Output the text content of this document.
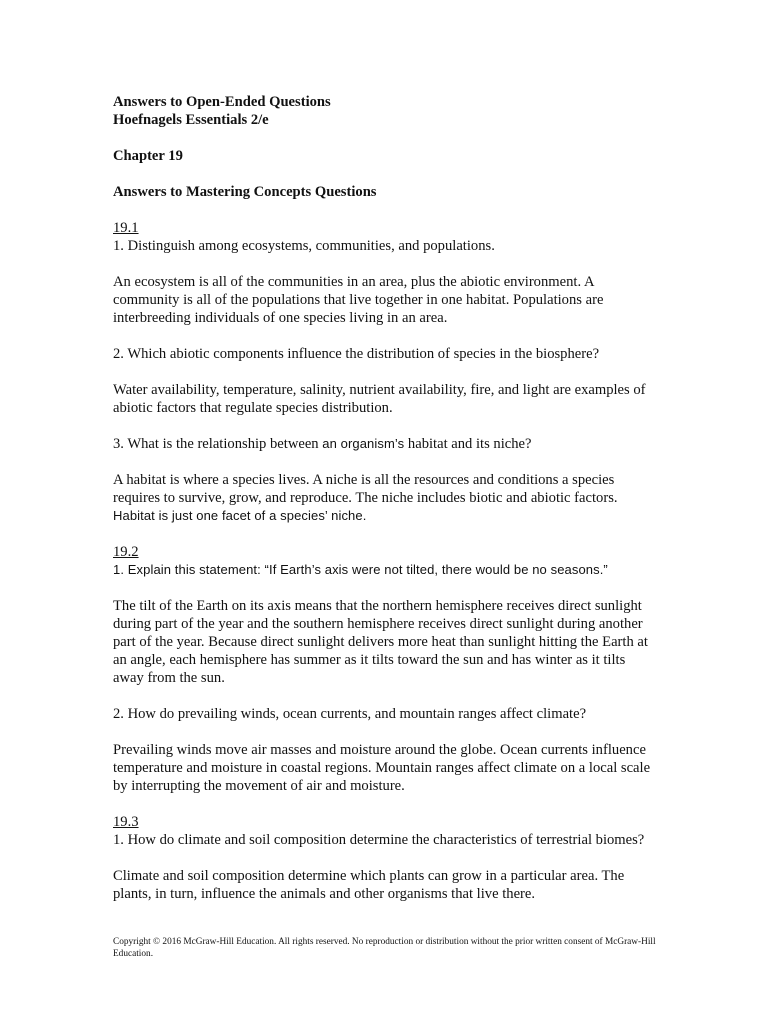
Answers to Open-Ended Questions

Hoefnagels Essentials 2/e

Chapter 19

Answers to Mastering Concepts Questions

19.1

1. Distinguish among ecosystems, communities, and populations.

An ecosystem is all of the communities in an area, plus the abiotic environment. A community is all of the populations that live together in one habitat. Populations are interbreeding individuals of one species living in an area.

2. Which abiotic components influence the distribution of species in the biosphere?

Water availability, temperature, salinity, nutrient availability, fire, and light are examples of abiotic factors that regulate species distribution.

3. What is the relationship between an organism’s habitat and its niche?

A habitat is where a species lives. A niche is all the resources and conditions a species requires to survive, grow, and reproduce. The niche includes biotic and abiotic factors.
Habitat is just one facet of a species’ niche.

19.2

1. Explain this statement: “If Earth’s axis were not tilted, there would be no seasons.”

The tilt of the Earth on its axis means that the northern hemisphere receives direct sunlight during part of the year and the southern hemisphere receives direct sunlight during another part of the year. Because direct sunlight delivers more heat than sunlight hitting the Earth at an angle, each hemisphere has summer as it tilts toward the sun and has winter as it tilts away from the sun.

2. How do prevailing winds, ocean currents, and mountain ranges affect climate?

Prevailing winds move air masses and moisture around the globe. Ocean currents influence temperature and moisture in coastal regions. Mountain ranges affect climate on a local scale by interrupting the movement of air and moisture.

19.3

1. How do climate and soil composition determine the characteristics of terrestrial biomes?

Climate and soil composition determine which plants can grow in a particular area. The plants, in turn, influence the animals and other organisms that live there.

Copyright © 2016 McGraw-Hill Education. All rights reserved. No reproduction or distribution without the prior written consent of McGraw-Hill Education.
